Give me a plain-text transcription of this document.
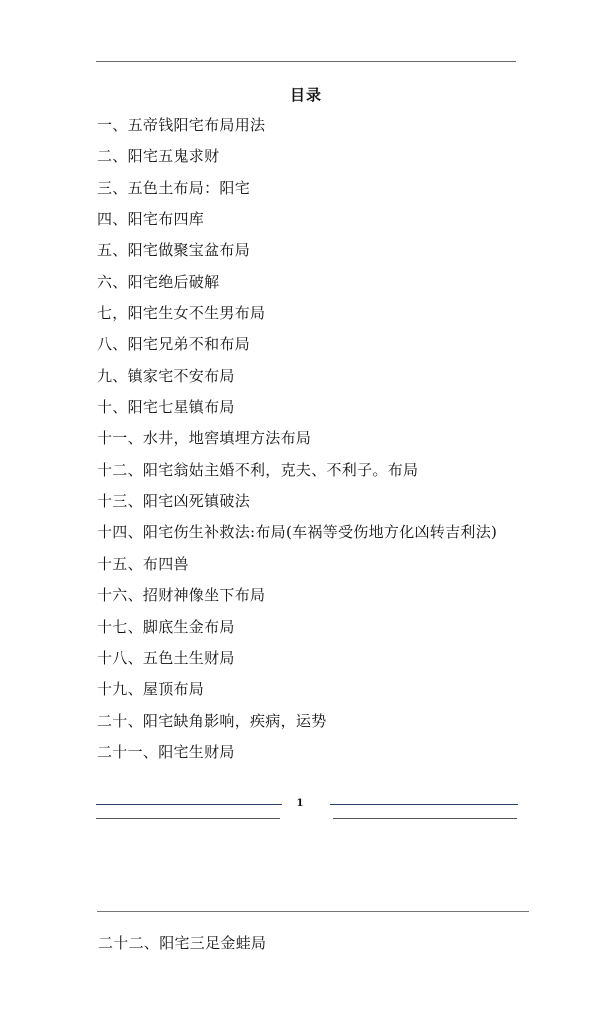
目录
一、五帝钱阳宅布局用法
二、阳宅五鬼求财
三、五色土布局：阳宅
四、阳宅布四库
五、阳宅做聚宝盆布局
六、阳宅绝后破解
七，阳宅生女不生男布局
八、阳宅兄弟不和布局
九、镇家宅不安布局
十、阳宅七星镇布局
十一、水井，地窖填埋方法布局
十二、阳宅翁姑主婚不利，克夫、不利子。布局
十三、阳宅凶死镇破法
十四、阳宅伤生补救法:布局(车祸等受伤地方化凶转吉利法)
十五、布四兽
十六、招财神像坐下布局
十七、脚底生金布局
十八、五色土生财局
十九、屋顶布局
二十、阳宅缺角影响，疾病，运势
二十一、阳宅生财局
1
二十二、阳宅三足金蛙局
